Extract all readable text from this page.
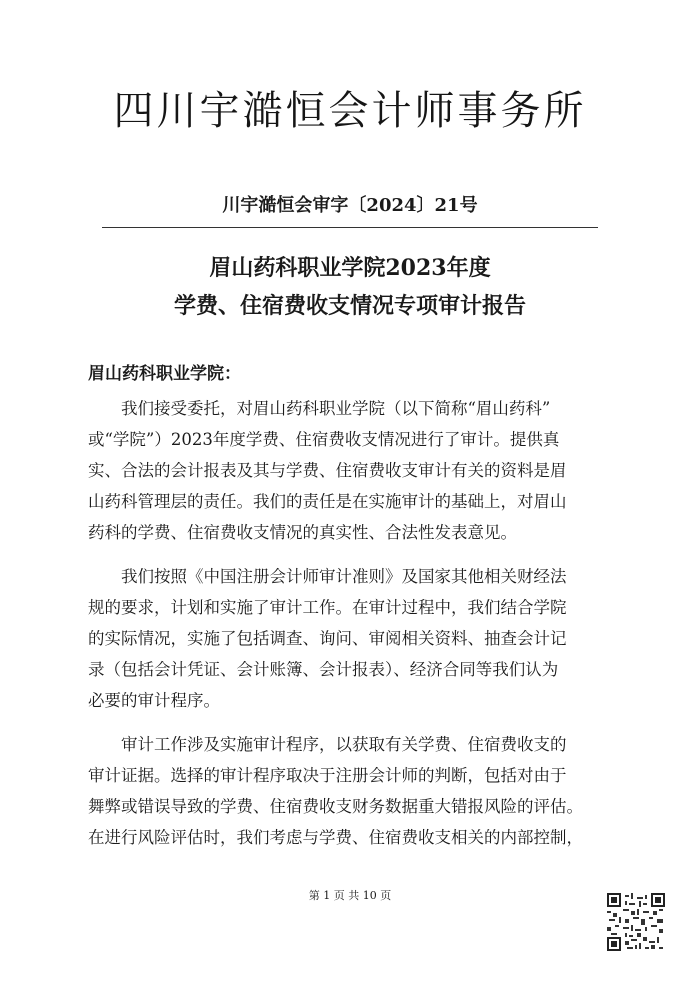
四川宇澔恒会计师事务所
川宇澔恒会审字〔2024〕21号
眉山药科职业学院2023年度
学费、住宿费收支情况专项审计报告
眉山药科职业学院：
　　我们接受委托，对眉山药科职业学院（以下简称“眉山药科”
或“学院”）2023年度学费、住宿费收支情况进行了审计。提供真
实、合法的会计报表及其与学费、住宿费收支审计有关的资料是眉
山药科管理层的责任。我们的责任是在实施审计的基础上，对眉山
药科的学费、住宿费收支情况的真实性、合法性发表意见。
　　我们按照《中国注册会计师审计准则》及国家其他相关财经法
规的要求，计划和实施了审计工作。在审计过程中，我们结合学院
的实际情况，实施了包括调查、询问、审阅相关资料、抽查会计记
录（包括会计凭证、会计账簿、会计报表）、经济合同等我们认为
必要的审计程序。
　　审计工作涉及实施审计程序，以获取有关学费、住宿费收支的
审计证据。选择的审计程序取决于注册会计师的判断，包括对由于
舞弊或错误导致的学费、住宿费收支财务数据重大错报风险的评估。
在进行风险评估时，我们考虑与学费、住宿费收支相关的内部控制，
第 1 页 共 10 页
